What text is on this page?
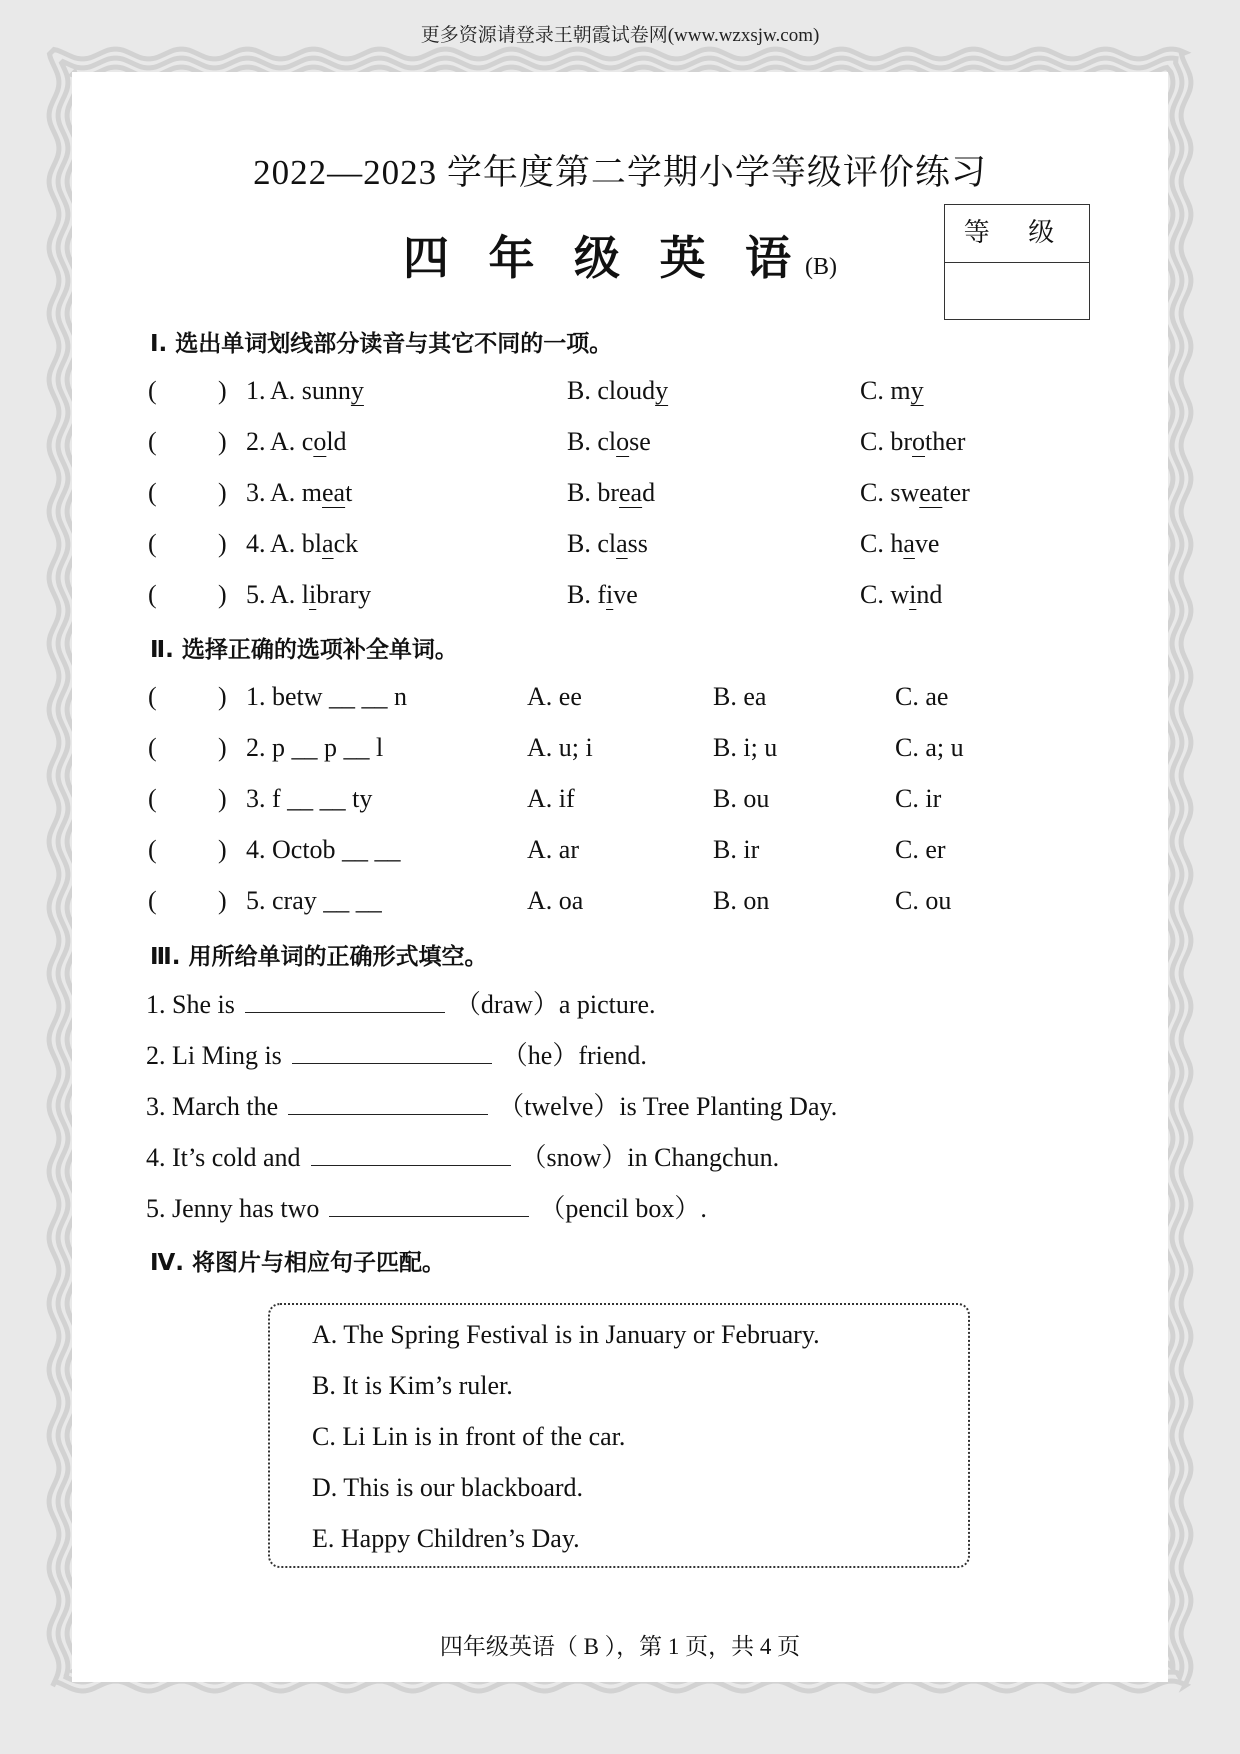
更多资源请登录王朝霞试卷网(www.wzxsjw.com)
2022—2023 学年度第二学期小学等级评价练习
四 年 级 英 语(B)
等 级
Ⅰ. 选出单词划线部分读音与其它不同的一项。
Ⅱ. 选择正确的选项补全单词。
Ⅲ. 用所给单词的正确形式填空。
Ⅳ. 将图片与相应句子匹配。
( ) 1. A. sunny	B. cloudy	C. my
( ) 2. A. cold	B. close	C. brother
( ) 3. A. meat	B. bread	C. sweater
( ) 4. A. black	B. class	C. have
( ) 5. A. library	B. five	C. wind
( ) 1. betw __ __ n	A. ee	B. ea	C. ae
( ) 2. p __ p __ l	A. u; i	B. i; u	C. a; u
( ) 3. f __ __ ty	A. if	B. ou	C. ir
( ) 4. Octob __ __	A. ar	B. ir	C. er
( ) 5. cray __ __	A. oa	B. on	C. ou
1. She is	（draw）a picture.
2. Li Ming is	（he）friend.
3. March the	（twelve）is Tree Planting Day.
4. It’s cold and	（snow）in Changchun.
5. Jenny has two	（pencil box）.
A. The Spring Festival is in January or February.
B. It is Kim’s ruler.
C. Li Lin is in front of the car.
D. This is our blackboard.
E. Happy Children’s Day.
四年级英语（ B ），第 1 页，共 4 页
